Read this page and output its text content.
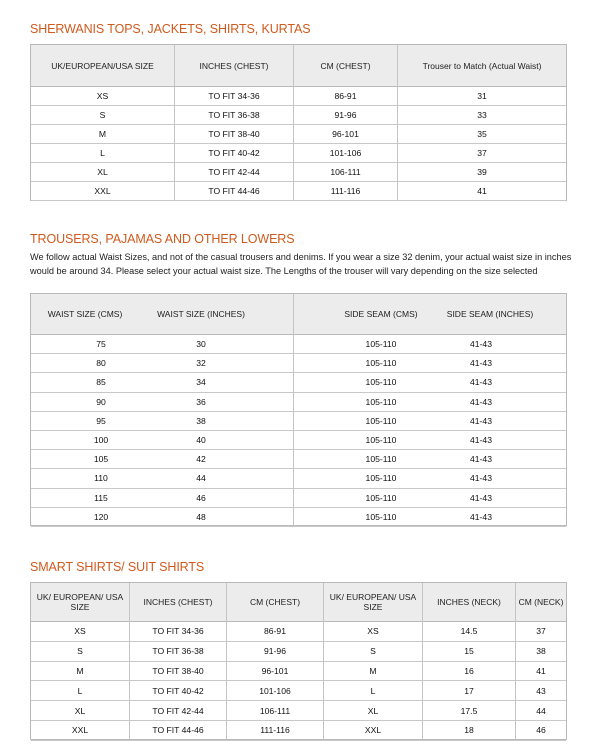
SHERWANIS TOPS, JACKETS, SHIRTS, KURTAS
UK/EUROPEAN/USA SIZE	INCHES (CHEST)	CM (CHEST)	Trouser to Match (Actual Waist)
XS	TO FIT 34-36	86-91	31
S	TO FIT 36-38	91-96	33
M	TO FIT 38-40	96-101	35
L	TO FIT 40-42	101-106	37
XL	TO FIT 42-44	106-111	39
XXL	TO FIT 44-46	111-116	41
TROUSERS, PAJAMAS AND OTHER LOWERS
We follow actual Waist Sizes, and not of the casual trousers and denims. If you wear a size 32 denim, your actual waist size in inches would be around 34. Please select your actual waist size. The Lengths of the trouser will vary depending on the size selected
WAIST SIZE (CMS)	WAIST SIZE (INCHES)	SIDE SEAM (CMS)	SIDE SEAM (INCHES)
75	30	105-110	41-43
80	32	105-110	41-43
85	34	105-110	41-43
90	36	105-110	41-43
95	38	105-110	41-43
100	40	105-110	41-43
105	42	105-110	41-43
110	44	105-110	41-43
115	46	105-110	41-43
120	48	105-110	41-43
SMART SHIRTS/ SUIT SHIRTS
UK/ EUROPEAN/ USA SIZE	INCHES (CHEST)	CM (CHEST)	UK/ EUROPEAN/ USA SIZE	INCHES (NECK)	CM (NECK)
XS	TO FIT 34-36	86-91	XS	14.5	37
S	TO FIT 36-38	91-96	S	15	38
M	TO FIT 38-40	96-101	M	16	41
L	TO FIT 40-42	101-106	L	17	43
XL	TO FIT 42-44	106-111	XL	17.5	44
XXL	TO FIT 44-46	111-116	XXL	18	46
